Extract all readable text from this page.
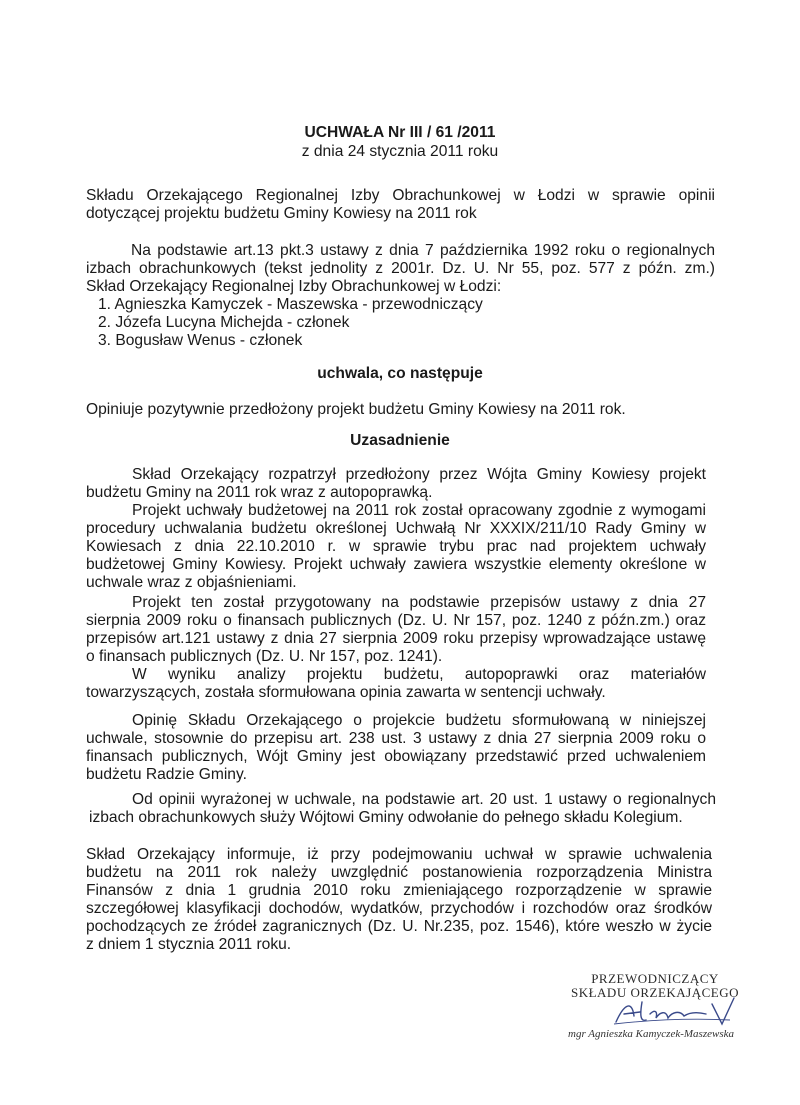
UCHWAŁA Nr III / 61 /2011
z dnia 24 stycznia 2011 roku
Składu Orzekającego Regionalnej Izby Obrachunkowej w Łodzi w sprawie opinii
dotyczącej projektu budżetu Gminy Kowiesy na 2011 rok
Na podstawie art.13 pkt.3 ustawy z dnia 7 października 1992 roku o regionalnych
izbach obrachunkowych (tekst jednolity z 2001r. Dz. U. Nr 55, poz. 577 z późn. zm.)
Skład Orzekający Regionalnej Izby Obrachunkowej w Łodzi:
1. Agnieszka Kamyczek - Maszewska - przewodniczący
2. Józefa Lucyna Michejda - członek
3. Bogusław Wenus - członek
uchwala, co następuje
Opiniuje pozytywnie przedłożony projekt budżetu Gminy Kowiesy na 2011 rok.
Uzasadnienie
Skład Orzekający rozpatrzył przedłożony przez Wójta Gminy Kowiesy projekt
budżetu Gminy na 2011 rok wraz z autopoprawką.
Projekt uchwały budżetowej na 2011 rok został opracowany zgodnie z wymogami
procedury uchwalania budżetu określonej Uchwałą Nr XXXIX/211/10 Rady Gminy w
Kowiesach z dnia 22.10.2010 r. w sprawie trybu prac nad projektem uchwały
budżetowej Gminy Kowiesy. Projekt uchwały zawiera wszystkie elementy określone w
uchwale wraz z objaśnieniami.
Projekt ten został przygotowany na podstawie przepisów ustawy z dnia 27
sierpnia 2009 roku o finansach publicznych (Dz. U. Nr 157, poz. 1240 z późn.zm.) oraz
przepisów art.121 ustawy z dnia 27 sierpnia 2009 roku przepisy wprowadzające ustawę
o finansach publicznych (Dz. U. Nr 157, poz. 1241).
W wyniku analizy projektu budżetu, autopoprawki oraz materiałów
towarzyszących, została sformułowana opinia zawarta w sentencji uchwały.
Opinię Składu Orzekającego o projekcie budżetu sformułowaną w niniejszej
uchwale, stosownie do przepisu art. 238 ust. 3 ustawy z dnia 27 sierpnia 2009 roku o
finansach publicznych, Wójt Gminy jest obowiązany przedstawić przed uchwaleniem
budżetu Radzie Gminy.
Od opinii wyrażonej w uchwale, na podstawie art. 20 ust. 1 ustawy o regionalnych
izbach obrachunkowych służy Wójtowi Gminy odwołanie do pełnego składu Kolegium.
Skład Orzekający informuje, iż przy podejmowaniu uchwał w sprawie uchwalenia
budżetu na 2011 rok należy uwzględnić postanowienia rozporządzenia Ministra
Finansów z dnia 1 grudnia 2010 roku zmieniającego rozporządzenie w sprawie
szczegółowej klasyfikacji dochodów, wydatków, przychodów i rozchodów oraz środków
pochodzących ze źródeł zagranicznych (Dz. U. Nr.235, poz. 1546), które weszło w życie
z dniem 1 stycznia 2011 roku.
PRZEWODNICZĄCY
SKŁADU ORZEKAJĄCEGO
mgr Agnieszka Kamyczek-Maszewska
